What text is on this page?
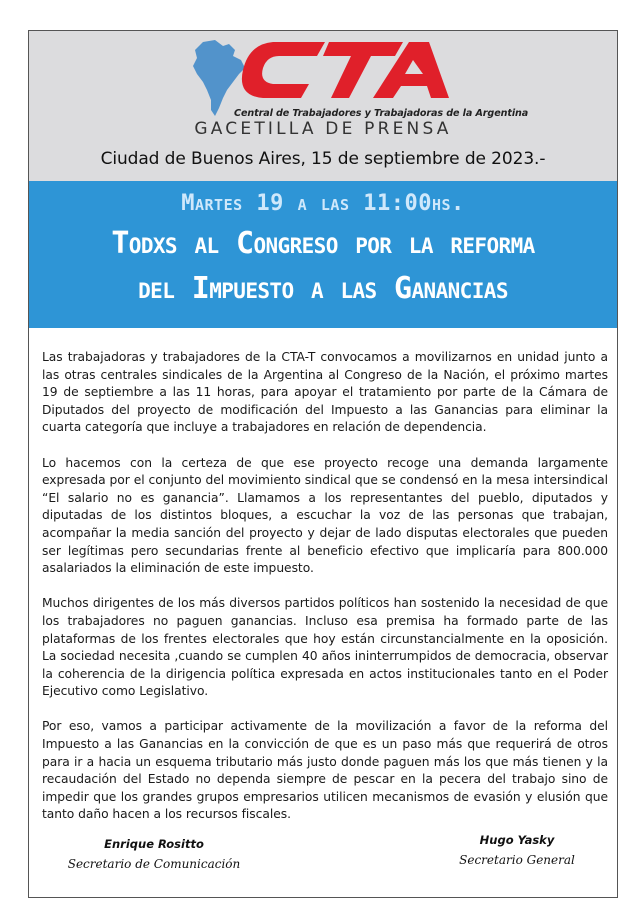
CTA
Central de Trabajadores y Trabajadoras de la Argentina
GACETILLA DE PRENSA
Ciudad de Buenos Aires, 15 de septiembre de 2023.-
Martes 19 a las 11:00hs.
Todxs al Congreso por la reforma
del Impuesto a las Ganancias

Las trabajadoras y trabajadores de la CTA-T convocamos a movilizarnos en unidad junto a las otras centrales sindicales de la Argentina al Congreso de la Nación, el próximo martes 19 de septiembre a las 11 horas, para apoyar el tratamiento por parte de la Cámara de Diputados del proyecto de modificación del Impuesto a las Ganancias para eliminar la cuarta categoría que incluye a trabajadores en relación de dependencia.

Lo hacemos con la certeza de que ese proyecto recoge una demanda largamente expresada por el conjunto del movimiento sindical que se condensó en la mesa intersindical “El salario no es ganancia”. Llamamos a los representantes del pueblo, diputados y diputadas de los distintos bloques, a escuchar la voz de las personas que trabajan, acompañar la media sanción del proyecto y dejar de lado disputas electorales que pueden ser legítimas pero secundarias frente al beneficio efectivo que implicaría para 800.000 asalariados la eliminación de este impuesto.

Muchos dirigentes de los más diversos partidos políticos han sostenido la necesidad de que los trabajadores no paguen ganancias. Incluso esa premisa ha formado parte de las plataformas de los frentes electorales que hoy están circunstancialmente en la oposición. La sociedad necesita ,cuando se cumplen 40 años ininterrumpidos de democracia, observar la coherencia de la dirigencia política expresada en actos institucionales tanto en el Poder Ejecutivo como Legislativo.

Por eso, vamos a participar activamente de la movilización a favor de la reforma del Impuesto a las Ganancias en la convicción de que es un paso más que requerirá de otros para ir a hacia un esquema tributario más justo donde paguen más los que más tienen y la recaudación del Estado no dependa siempre de pescar en la pecera del trabajo sino de impedir que los grandes grupos empresarios utilicen mecanismos de evasión y elusión que tanto daño hacen a los recursos fiscales.

Enrique Rositto
Secretario de Comunicación
Hugo Yasky
Secretario General
